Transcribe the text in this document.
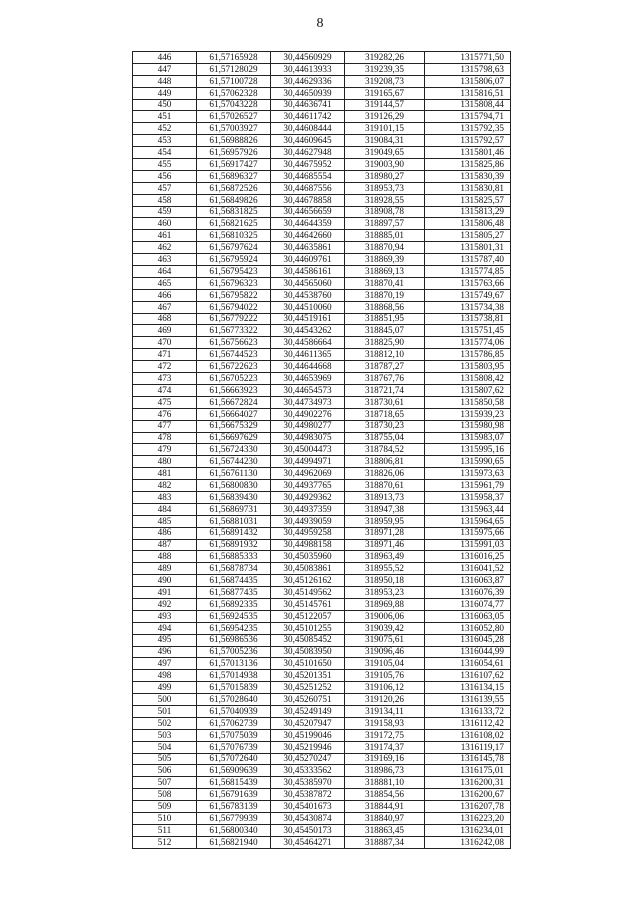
8
446	61,57165928	30,44560929	319282,26	1315771,50
447	61,57128029	30,44613933	319239,35	1315798,63
448	61,57100728	30,44629336	319208,73	1315806,07
449	61,57062328	30,44650939	319165,67	1315816,51
450	61,57043228	30,44636741	319144,57	1315808,44
451	61,57026527	30,44611742	319126,29	1315794,71
452	61,57003927	30,44608444	319101,15	1315792,35
453	61,56988826	30,44609645	319084,31	1315792,57
454	61,56957926	30,44627948	319049,65	1315801,46
455	61,56917427	30,44675952	319003,90	1315825,86
456	61,56896327	30,44685554	318980,27	1315830,39
457	61,56872526	30,44687556	318953,73	1315830,81
458	61,56849826	30,44678858	318928,55	1315825,57
459	61,56831825	30,44656659	318908,78	1315813,29
460	61,56821625	30,44644359	318897,57	1315806,48
461	61,56810325	30,44642660	318885,01	1315805,27
462	61,56797624	30,44635861	318870,94	1315801,31
463	61,56795924	30,44609761	318869,39	1315787,40
464	61,56795423	30,44586161	318869,13	1315774,85
465	61,56796323	30,44565060	318870,41	1315763,66
466	61,56795822	30,44538760	318870,19	1315749,67
467	61,56794022	30,44510060	318868,56	1315734,38
468	61,56779222	30,44519161	318851,95	1315738,81
469	61,56773322	30,44543262	318845,07	1315751,45
470	61,56756623	30,44586664	318825,90	1315774,06
471	61,56744523	30,44611365	318812,10	1315786,85
472	61,56722623	30,44644668	318787,27	1315803,95
473	61,56705223	30,44653969	318767,76	1315808,42
474	61,56663923	30,44654573	318721,74	1315807,62
475	61,56672824	30,44734973	318730,61	1315850,58
476	61,56664027	30,44902276	318718,65	1315939,23
477	61,56675329	30,44980277	318730,23	1315980,98
478	61,56697629	30,44983075	318755,04	1315983,07
479	61,56724330	30,45004473	318784,52	1315995,16
480	61,56744230	30,44994971	318806,81	1315990,65
481	61,56761130	30,44962069	318826,06	1315973,63
482	61,56800830	30,44937765	318870,61	1315961,79
483	61,56839430	30,44929362	318913,73	1315958,37
484	61,56869731	30,44937359	318947,38	1315963,44
485	61,56881031	30,44939059	318959,95	1315964,65
486	61,56891432	30,44959258	318971,28	1315975,66
487	61,56891932	30,44988158	318971,46	1315991,03
488	61,56885333	30,45035960	318963,49	1316016,25
489	61,56878734	30,45083861	318955,52	1316041,52
490	61,56874435	30,45126162	318950,18	1316063,87
491	61,56877435	30,45149562	318953,23	1316076,39
492	61,56892335	30,45145761	318969,88	1316074,77
493	61,56924535	30,45122057	319006,06	1316063,05
494	61,56954235	30,45101255	319039,42	1316052,80
495	61,56986536	30,45085452	319075,61	1316045,28
496	61,57005236	30,45083950	319096,46	1316044,99
497	61,57013136	30,45101650	319105,04	1316054,61
498	61,57014938	30,45201351	319105,76	1316107,62
499	61,57015839	30,45251252	319106,12	1316134,15
500	61,57028640	30,45260751	319120,26	1316139,55
501	61,57040939	30,45249149	319134,11	1316133,72
502	61,57062739	30,45207947	319158,93	1316112,42
503	61,57075039	30,45199046	319172,75	1316108,02
504	61,57076739	30,45219946	319174,37	1316119,17
505	61,57072640	30,45270247	319169,16	1316145,78
506	61,56909639	30,45333562	318986,73	1316175,01
507	61,56815439	30,45385970	318881,10	1316200,31
508	61,56791639	30,45387872	318854,56	1316200,67
509	61,56783139	30,45401673	318844,91	1316207,78
510	61,56779939	30,45430874	318840,97	1316223,20
511	61,56800340	30,45450173	318863,45	1316234,01
512	61,56821940	30,45464271	318887,34	1316242,08
